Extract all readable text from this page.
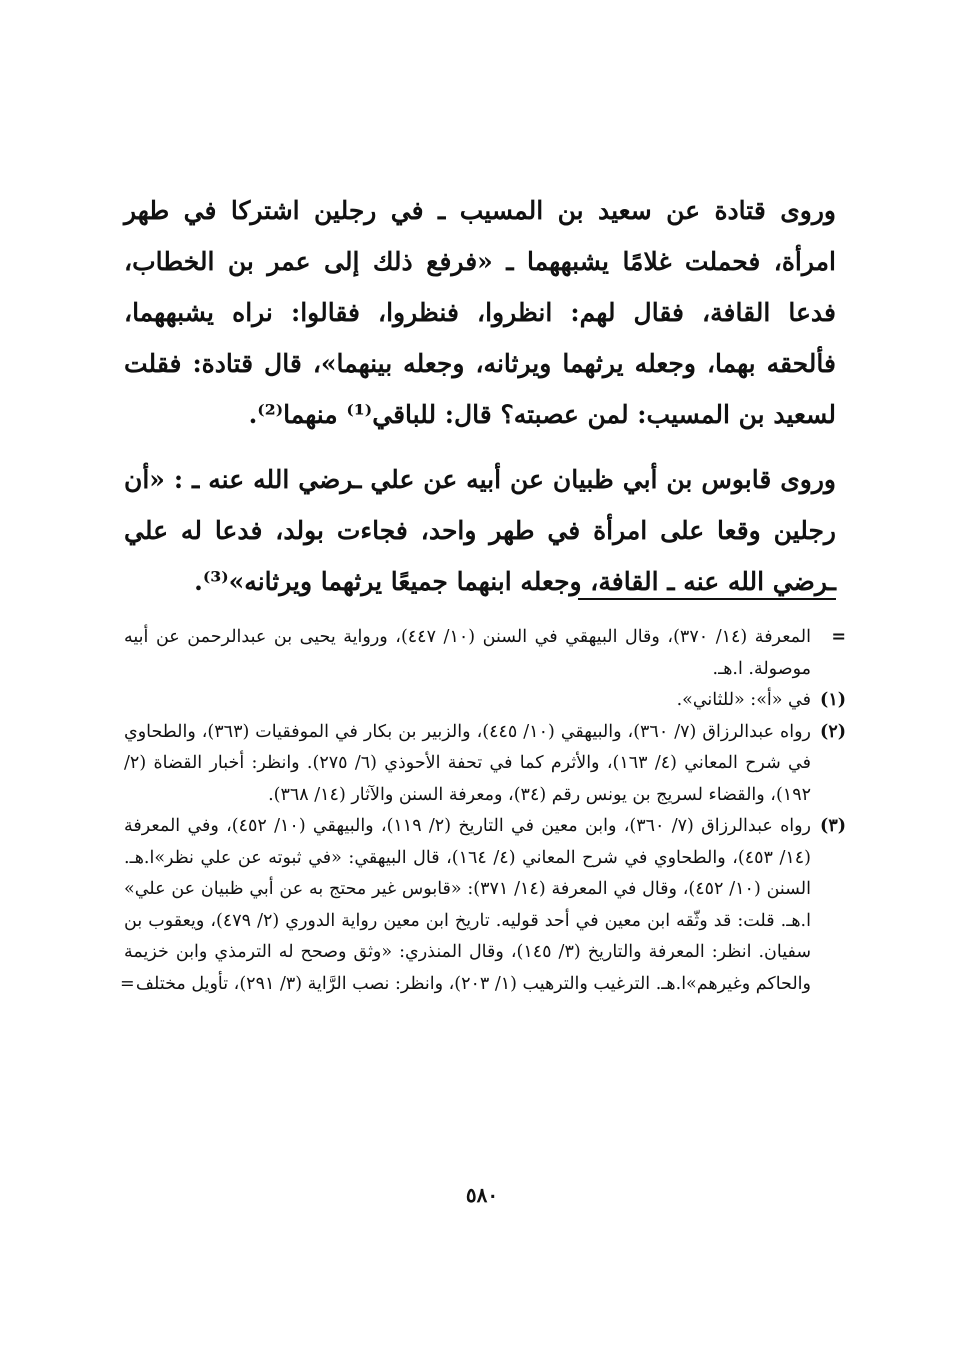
وروى قتادة عن سعيد بن المسيب ـ في رجلين اشتركا في طهر امرأة، فحملت غلامًا يشبههما ـ «فرفع ذلك إلى عمر بن الخطاب، فدعا القافة، فقال لهم: انظروا، فنظروا، فقالوا: نراه يشبههما، فألحقه بهما، وجعله يرثهما ويرثانه، وجعله بينهما»، قال قتادة: فقلت لسعيد بن المسيب: لمن عصبته؟ قال: للباقي⁽¹⁾ منهما⁽²⁾.

وروى قابوس بن أبي ظبيان عن أبيه عن علي ـرضي الله عنه ـ : «أن رجلين وقعا على امرأة في طهر واحد، فجاءت بولد، فدعا له علي ـرضي الله عنه ـ القافة، وجعله ابنهما جميعًا يرثهما ويرثانه»⁽³⁾.

=
المعرفة (١٤/ ٣٧٠)، وقال البيهقي في السنن (١٠/ ٤٤٧)، ورواية يحيى بن عبدالرحمن عن أبيه موصولة. ا.هـ.

(١)
في «أ»: «للثاني».

(٢)
رواه عبدالرزاق (٧/ ٣٦٠)، والبيهقي (١٠/ ٤٤٥)، والزبير بن بكار في الموفقيات (٣٦٣)، والطحاوي في شرح المعاني (٤/ ١٦٣)، والأثرم كما في تحفة الأحوذي (٦/ ٢٧٥). وانظر: أخبار القضاة (٢/ ١٩٢)، والقضاء لسريج بن يونس رقم (٣٤)، ومعرفة السنن والآثار (١٤/ ٣٦٨).

(٣)
رواه عبدالرزاق (٧/ ٣٦٠)، وابن معين في التاريخ (٢/ ١١٩)، والبيهقي (١٠/ ٤٥٢)، وفي المعرفة (١٤/ ٤٥٣)، والطحاوي في شرح المعاني (٤/ ١٦٤)، قال البيهقي: «في ثبوته عن علي نظر»ا.هـ. السنن (١٠/ ٤٥٢)، وقال في المعرفة (١٤/ ٣٧١): «قابوس غير محتج به عن أبي ظبيان عن علي» ا.هـ. قلت: قد وثّقه ابن معين في أحد قوليه. تاريخ ابن معين رواية الدوري (٢/ ٤٧٩)، ويعقوب بن سفيان. انظر: المعرفة والتاريخ (٣/ ١٤٥)، وقال المنذري: «وثق وصحح له الترمذي وابن خزيمة والحاكم وغيرهم»ا.هـ. الترغيب والترهيب (١/ ٢٠٣)، وانظر: نصب الرَّاية (٣/ ٢٩١)، تأويل مختلف
=

٥٨٠
